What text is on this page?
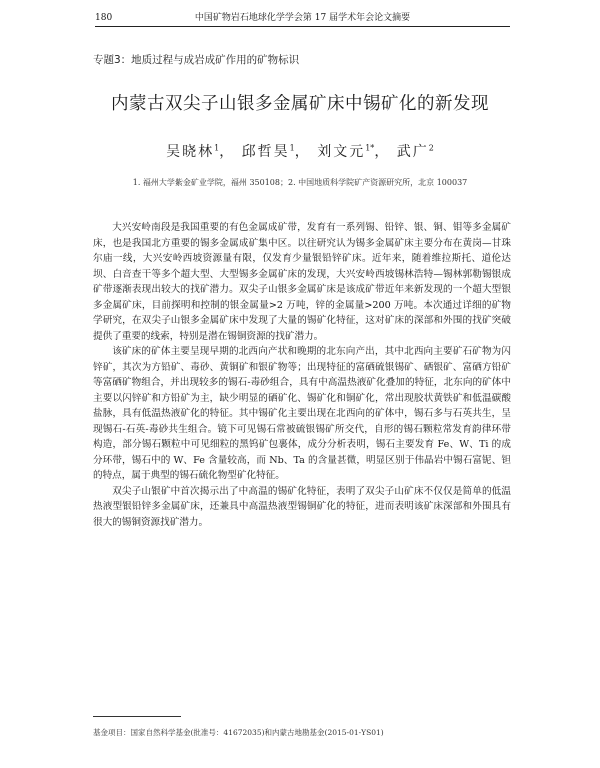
180	中国矿物岩石地球化学学会第 17 届学术年会论文摘要
专题3：地质过程与成岩成矿作用的矿物标识
内蒙古双尖子山银多金属矿床中锡矿化的新发现
吴晓林$^1$， 邱哲昊$^1$， 刘文元$^{1*}$， 武广$^2$
1. 福州大学紫金矿业学院，福州 350108；2. 中国地质科学院矿产资源研究所，北京 100037

大兴安岭南段是我国重要的有色金属成矿带，发育有一系列锡、铅锌、银、铜、钼等多金属矿床，也是我国北方重要的锡多金属成矿集中区。以往研究认为锡多金属矿床主要分布在黄岗—甘珠尔庙一线，大兴安岭西坡资源量有限，仅发育少量银铅锌矿床。近年来，随着维拉斯托、道伦达坝、白音查干等多个超大型、大型锡多金属矿床的发现，大兴安岭西坡锡林浩特—锡林郭勒锡银成矿带逐渐表现出较大的找矿潜力。双尖子山银多金属矿床是该成矿带近年来新发现的一个超大型银多金属矿床，目前探明和控制的银金属量>2 万吨，锌的金属量>200 万吨。本次通过详细的矿物学研究，在双尖子山银多金属矿床中发现了大量的锡矿化特征，这对矿床的深部和外围的找矿突破提供了重要的线索，特别是潜在锡铜资源的找矿潜力。

该矿床的矿体主要呈现早期的北西向产状和晚期的北东向产出，其中北西向主要矿石矿物为闪锌矿，其次为方铅矿、毒砂、黄铜矿和银矿物等；出现特征的富硒硫银锡矿、硒银矿、富硒方铅矿等富硒矿物组合，并出现较多的锡石-毒砂组合，具有中高温热液矿化叠加的特征，北东向的矿体中主要以闪锌矿和方铅矿为主，缺少明显的硒矿化、锡矿化和铜矿化，常出现胶状黄铁矿和低温碳酸盐脉，具有低温热液矿化的特征。其中锡矿化主要出现在北西向的矿体中，锡石多与石英共生，呈现锡石-石英-毒砂共生组合。镜下可见锡石常被硫银锡矿所交代，自形的锡石颗粒常发育韵律环带构造，部分锡石颗粒中可见细粒的黑钨矿包裹体，成分分析表明，锡石主要发育 Fe、W、Ti 的成分环带，锡石中的 W、Fe 含量较高，而 Nb、Ta 的含量甚微，明显区别于伟晶岩中锡石富铌、钽的特点，属于典型的锡石硫化物型矿化特征。

双尖子山银矿中首次揭示出了中高温的锡矿化特征，表明了双尖子山矿床不仅仅是简单的低温热液型银铅锌多金属矿床，还兼具中高温热液型锡铜矿化的特征，进而表明该矿床深部和外围具有很大的锡铜资源找矿潜力。

基金项目：国家自然科学基金(批准号：41672035)和内蒙古地勘基金(2015-01-YS01)
